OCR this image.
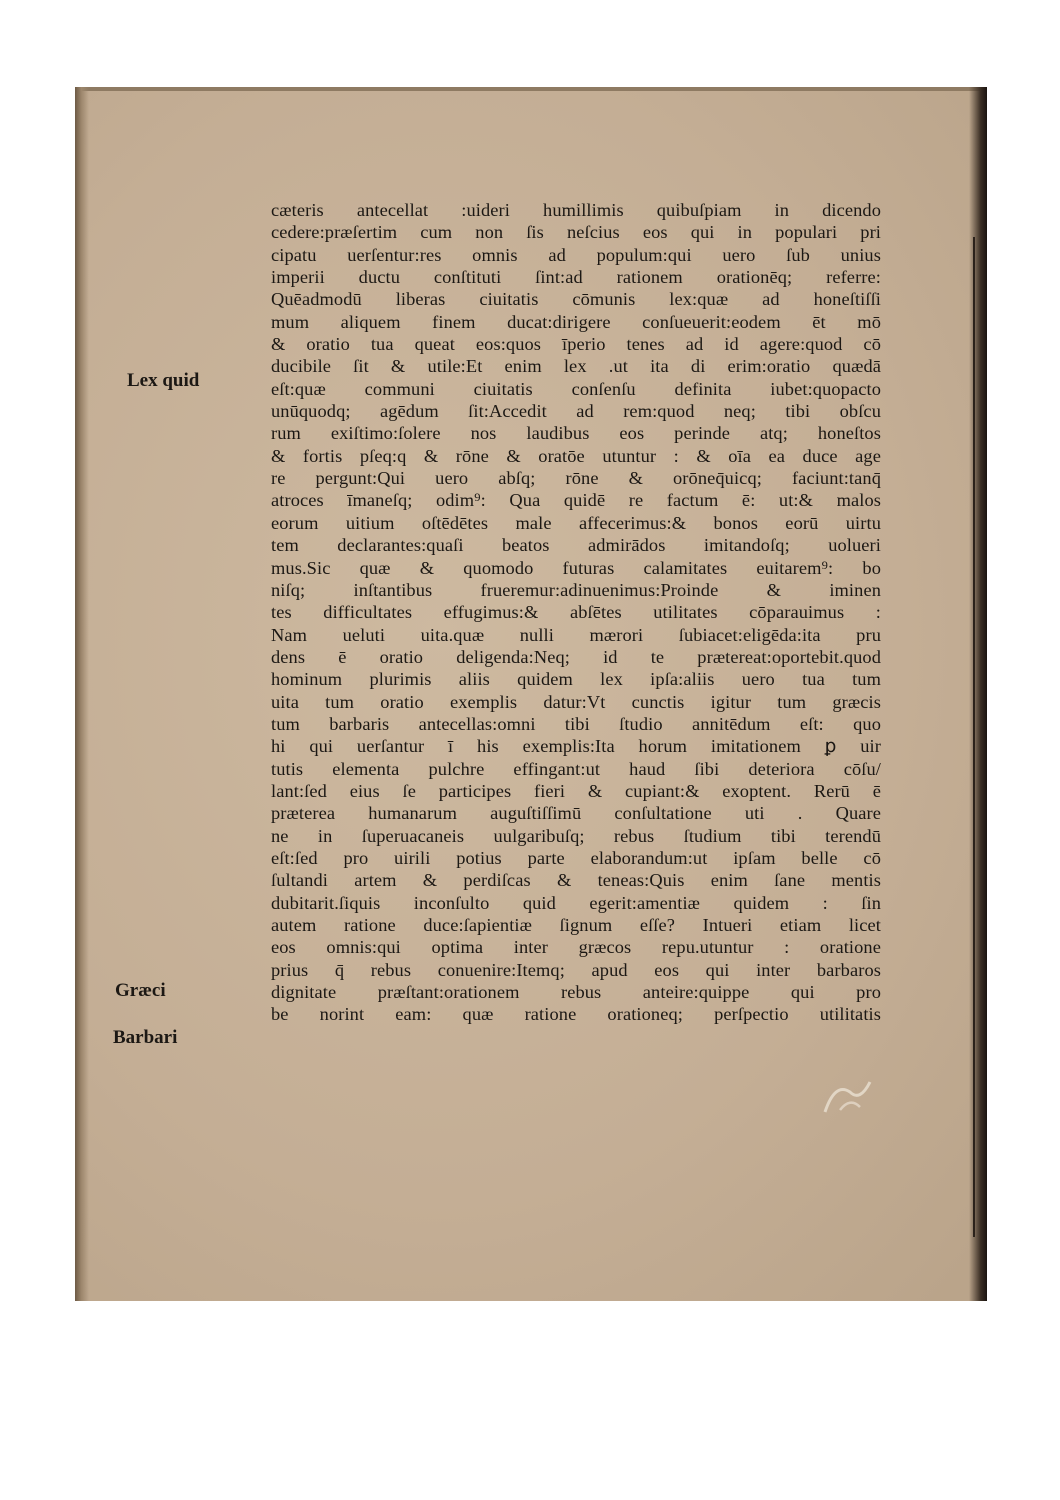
Lex quid
Græci
Barbari
cæteris antecellat :uideri humillimis quibuſpiam in dicendo
cedere:præſertim cum non ſis neſcius eos qui in populari pri
cipatu uerſentur:res omnis ad populum:qui uero ſub unius
imperii ductu conſtituti ſint:ad rationem orationēq; referre:
Quēadmodū liberas ciuitatis cōmunis lex:quæ ad honeſtiſſi
mum aliquem finem ducat:dirigere conſueuerit:eodem ēt mō
& oratio tua queat eos:quos īperio tenes ad id agere:quod cō
ducibile ſit & utile:Et enim lex .ut ita di erim:oratio quædā
eſt:quæ communi ciuitatis conſenſu definita iubet:quopacto
unūquodq; agēdum ſit:Accedit ad rem:quod neq; tibi obſcu
rum exiſtimo:ſolere nos laudibus eos perinde atq; honeſtos
& fortis pſeq:q & rōne & oratōe utuntur : & oīa ea duce age
re pergunt:Qui uero abſq; rōne & orōneq̄uicq; faciunt:tanq̄
atroces īmaneſq; odim⁹: Qua quidē re factum ē: ut:& malos
eorum uitium oſtēdētes male affecerimus:& bonos eorū uirtu
tem declarantes:quaſi beatos admirādos imitandoſq; uolueri
mus.Sic quæ & quomodo futuras calamitates euitarem⁹: bo
niſq; inſtantibus frueremur:adinuenimus:Proinde & iminen
tes difficultates effugimus:& abſētes utilitates cōparauimus :
Nam ueluti uita.quæ nulli mærori ſubiacet:eligēda:ita pru
dens ē oratio deligenda:Neq; id te prætereat:oportebit.quod
hominum plurimis aliis quidem lex ipſa:aliis uero tua tum
uita tum oratio exemplis datur:Vt cunctis igitur tum græcis
tum barbaris antecellas:omni tibi ſtudio annitēdum eſt: quo
hi qui uerſantur ī his exemplis:Ita horum imitationem ꝑ uir
tutis elementa pulchre effingant:ut haud ſibi deteriora cōſu/
lant:ſed eius ſe participes fieri & cupiant:& exoptent. Rerū ē
præterea humanarum auguſtiſſimū conſultatione uti . Quare
ne in ſuperuacaneis uulgaribuſq; rebus ſtudium tibi terendū
eſt:ſed pro uirili potius parte elaborandum:ut ipſam belle cō
ſultandi artem & perdiſcas & teneas:Quis enim ſane mentis
dubitarit.ſiquis inconſulto quid egerit:amentiæ quidem : ſin
autem ratione duce:ſapientiæ ſignum eſſe? Intueri etiam licet
eos omnis:qui optima inter græcos repu.utuntur : oratione
prius q̄ rebus conuenire:Itemq; apud eos qui inter barbaros
dignitate præſtant:orationem rebus anteire:quippe qui pro
be norint eam: quæ ratione orationeq; perſpectio utilitatis
